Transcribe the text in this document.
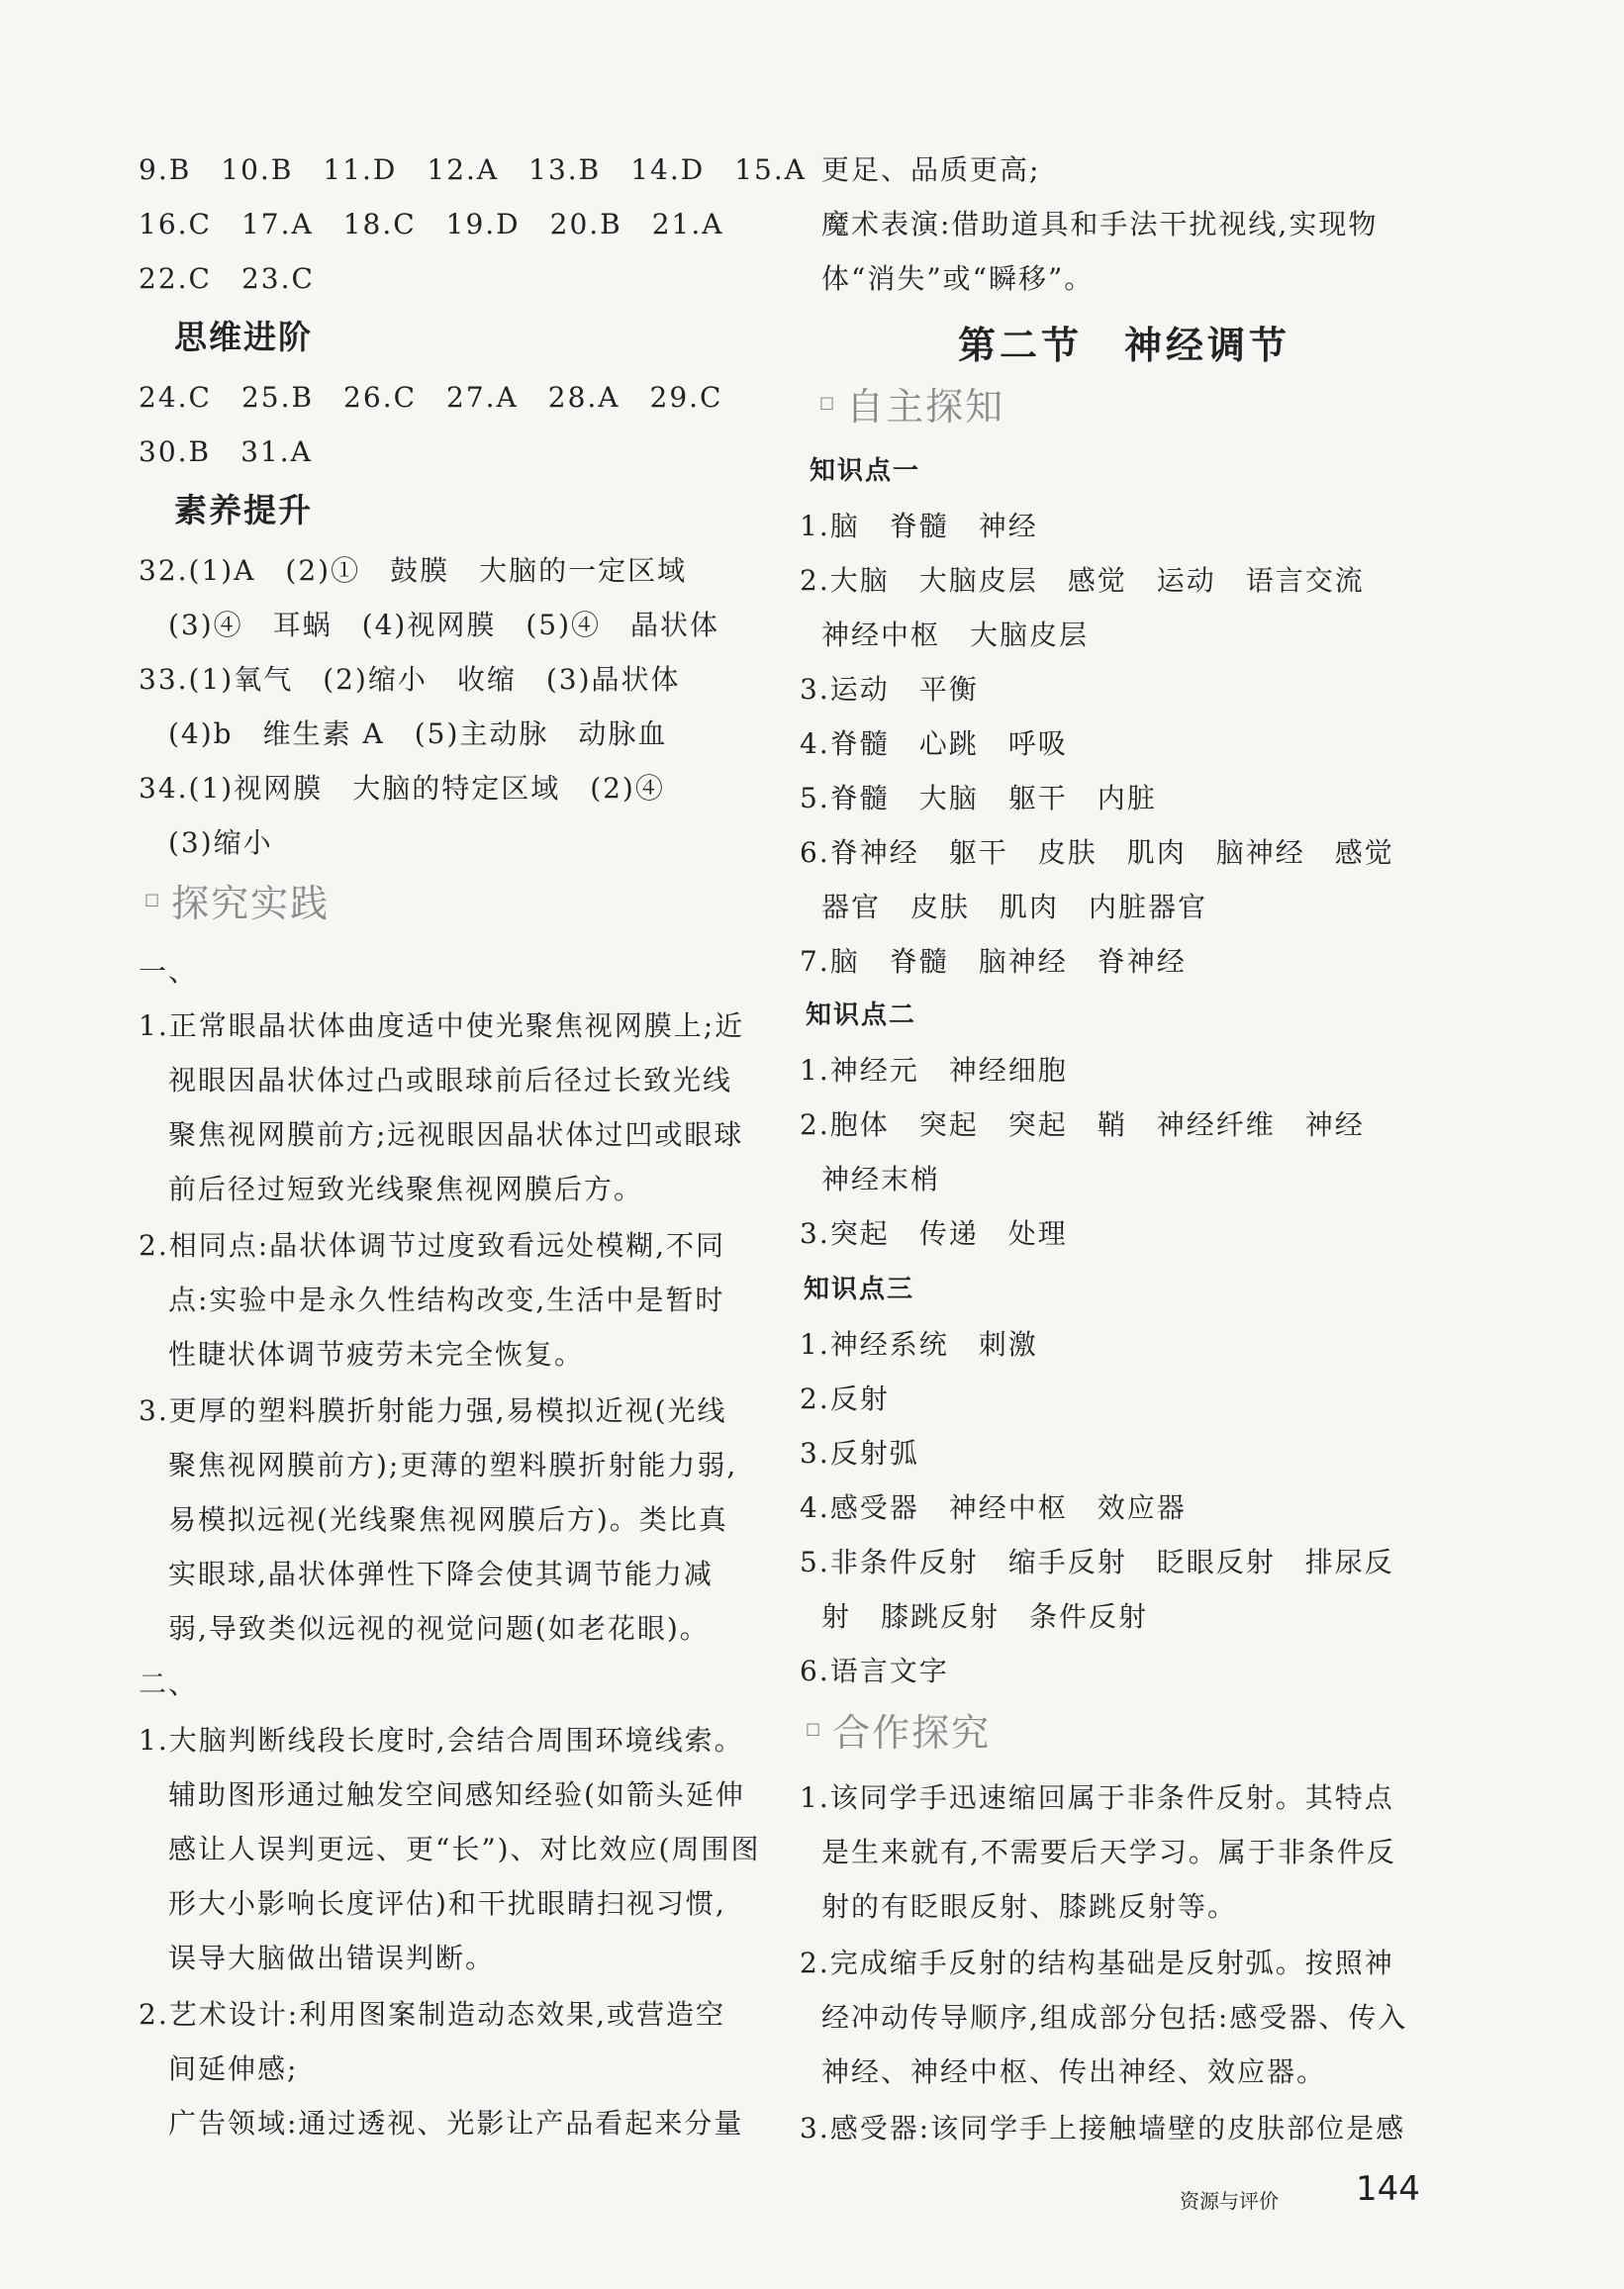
9.B　10.B　11.D　12.A　13.B　14.D　15.A
16.C　17.A　18.C　19.D　20.B　21.A
22.C　23.C
思维进阶
24.C　25.B　26.C　27.A　28.A　29.C
30.B　31.A
素养提升
32.(1)A　(2)①　鼓膜　大脑的一定区域
(3)④　耳蜗　(4)视网膜　(5)④　晶状体
33.(1)氧气　(2)缩小　收缩　(3)晶状体
(4)b　维生素 A　(5)主动脉　动脉血
34.(1)视网膜　大脑的特定区域　(2)④
(3)缩小
□ 探究实践
一、
1.正常眼晶状体曲度适中使光聚焦视网膜上;近
视眼因晶状体过凸或眼球前后径过长致光线
聚焦视网膜前方;远视眼因晶状体过凹或眼球
前后径过短致光线聚焦视网膜后方。
2.相同点:晶状体调节过度致看远处模糊,不同
点:实验中是永久性结构改变,生活中是暂时
性睫状体调节疲劳未完全恢复。
3.更厚的塑料膜折射能力强,易模拟近视(光线
聚焦视网膜前方);更薄的塑料膜折射能力弱,
易模拟远视(光线聚焦视网膜后方)。类比真
实眼球,晶状体弹性下降会使其调节能力减
弱,导致类似远视的视觉问题(如老花眼)。
二、
1.大脑判断线段长度时,会结合周围环境线索。
辅助图形通过触发空间感知经验(如箭头延伸
感让人误判更远、更“长”)、对比效应(周围图
形大小影响长度评估)和干扰眼睛扫视习惯,
误导大脑做出错误判断。
2.艺术设计:利用图案制造动态效果,或营造空
间延伸感;
广告领域:通过透视、光影让产品看起来分量
更足、品质更高;
魔术表演:借助道具和手法干扰视线,实现物
体“消失”或“瞬移”。
第二节　神经调节
□ 自主探知
知识点一
1.脑　脊髓　神经
2.大脑　大脑皮层　感觉　运动　语言交流
神经中枢　大脑皮层
3.运动　平衡
4.脊髓　心跳　呼吸
5.脊髓　大脑　躯干　内脏
6.脊神经　躯干　皮肤　肌肉　脑神经　感觉
器官　皮肤　肌肉　内脏器官
7.脑　脊髓　脑神经　脊神经
知识点二
1.神经元　神经细胞
2.胞体　突起　突起　鞘　神经纤维　神经
神经末梢
3.突起　传递　处理
知识点三
1.神经系统　刺激
2.反射
3.反射弧
4.感受器　神经中枢　效应器
5.非条件反射　缩手反射　眨眼反射　排尿反
射　膝跳反射　条件反射
6.语言文字
□ 合作探究
1.该同学手迅速缩回属于非条件反射。其特点
是生来就有,不需要后天学习。属于非条件反
射的有眨眼反射、膝跳反射等。
2.完成缩手反射的结构基础是反射弧。按照神
经冲动传导顺序,组成部分包括:感受器、传入
神经、神经中枢、传出神经、效应器。
3.感受器:该同学手上接触墙壁的皮肤部位是感
资源与评价 144
